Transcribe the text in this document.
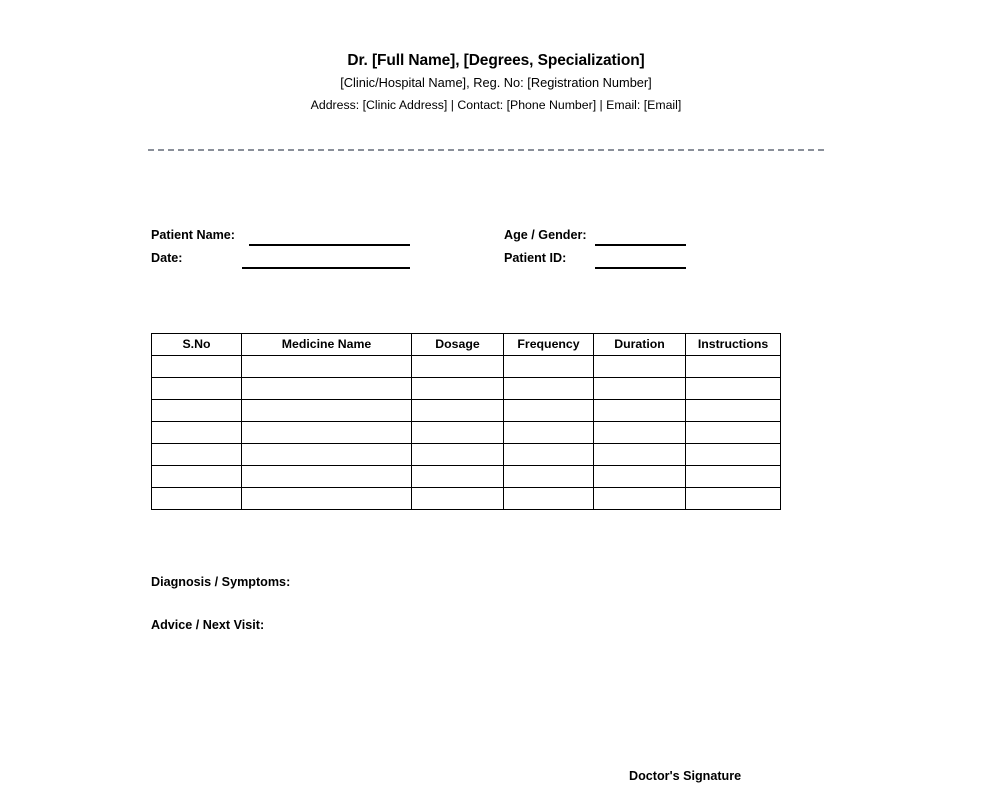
Dr. [Full Name], [Degrees, Specialization]
[Clinic/Hospital Name], Reg. No: [Registration Number]
Address: [Clinic Address] | Contact: [Phone Number] | Email: [Email]
Patient Name:
Date:
Age / Gender:
Patient ID:
S.No	Medicine Name	Dosage	Frequency	Duration	Instructions

Diagnosis / Symptoms:
Advice / Next Visit:
Doctor's Signature
